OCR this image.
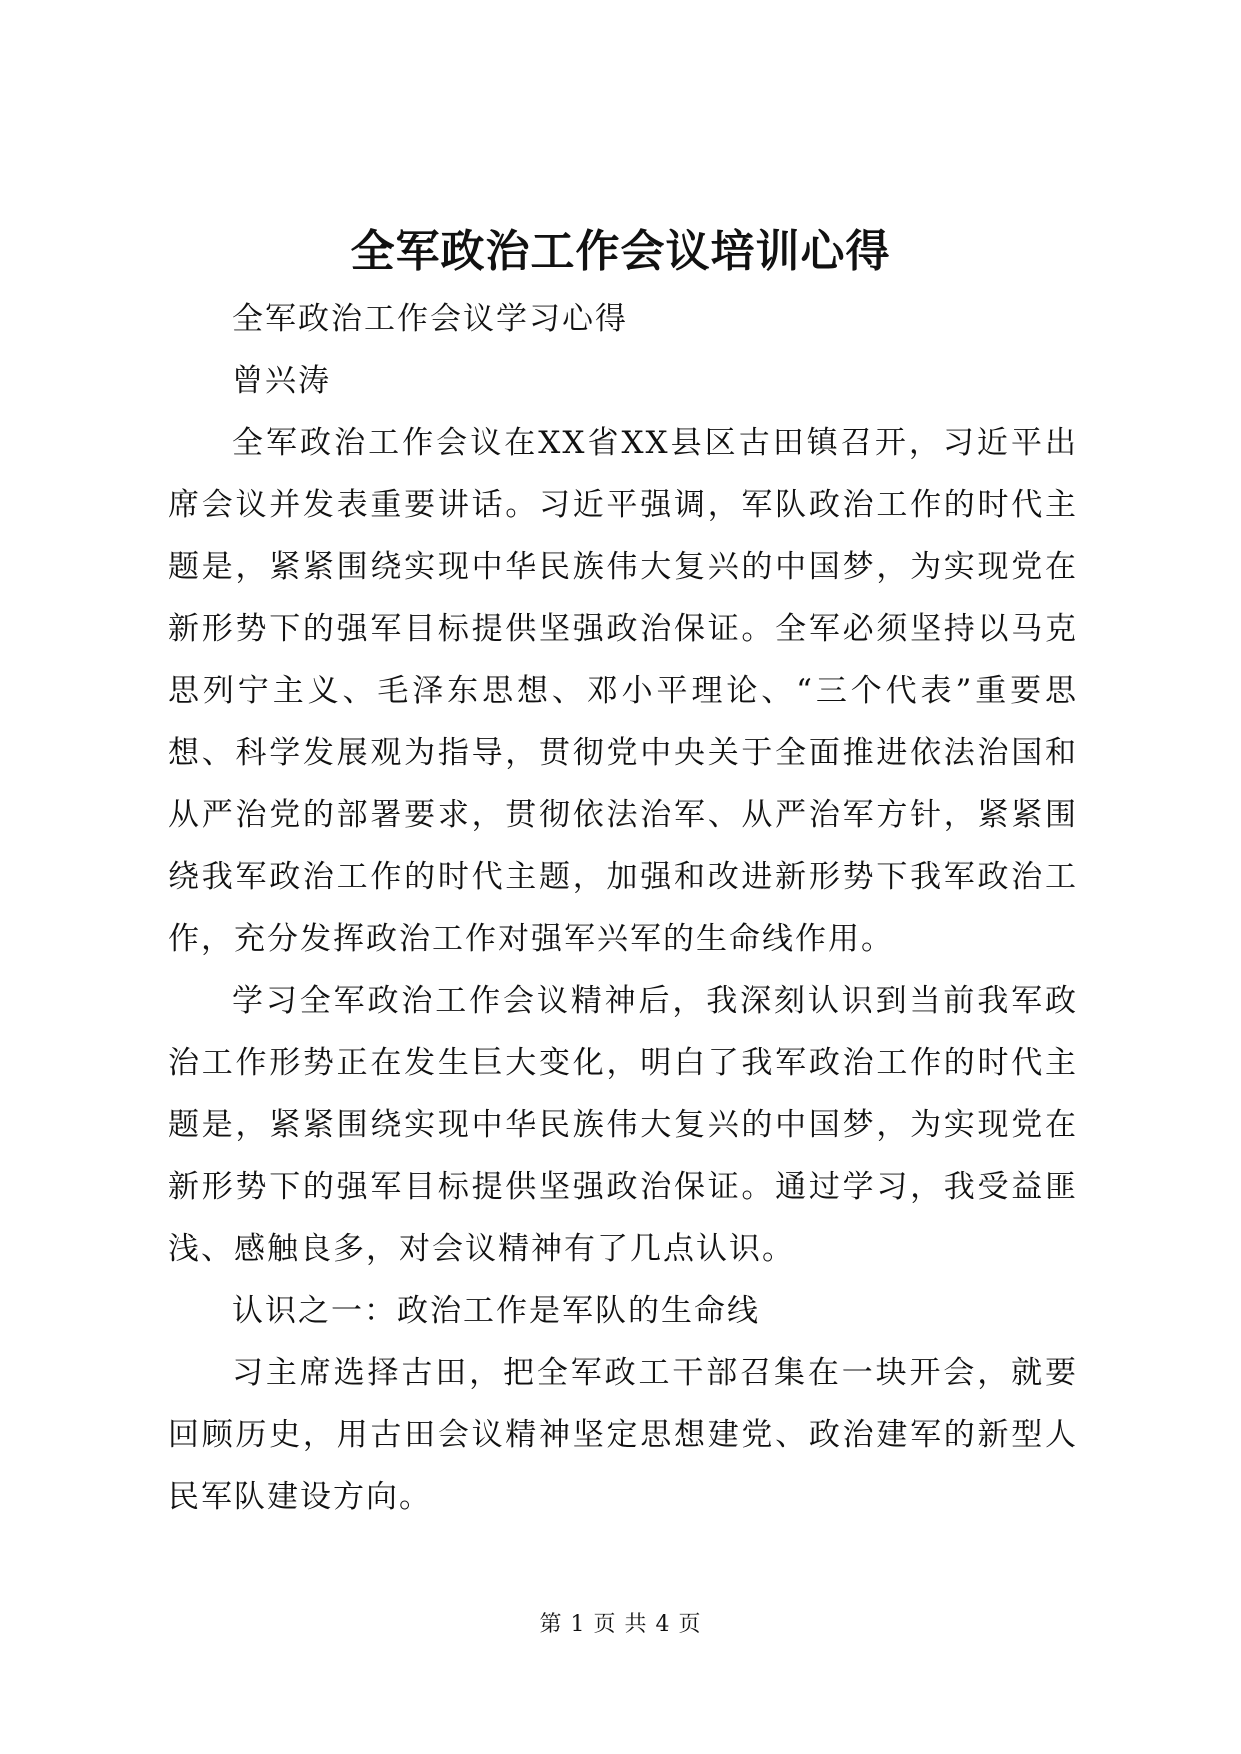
全军政治工作会议培训心得

全军政治工作会议学习心得

曾兴涛

全军政治工作会议在XX省XX县区古田镇召开，习近平出席会议并发表重要讲话。习近平强调，军队政治工作的时代主题是，紧紧围绕实现中华民族伟大复兴的中国梦，为实现党在新形势下的强军目标提供坚强政治保证。全军必须坚持以马克思列宁主义、毛泽东思想、邓小平理论、“三个代表”重要思想、科学发展观为指导，贯彻党中央关于全面推进依法治国和从严治党的部署要求，贯彻依法治军、从严治军方针，紧紧围绕我军政治工作的时代主题，加强和改进新形势下我军政治工作，充分发挥政治工作对强军兴军的生命线作用。

学习全军政治工作会议精神后，我深刻认识到当前我军政治工作形势正在发生巨大变化，明白了我军政治工作的时代主题是，紧紧围绕实现中华民族伟大复兴的中国梦，为实现党在新形势下的强军目标提供坚强政治保证。通过学习，我受益匪浅、感触良多，对会议精神有了几点认识。

认识之一：政治工作是军队的生命线

习主席选择古田，把全军政工干部召集在一块开会，就要回顾历史，用古田会议精神坚定思想建党、政治建军的新型人民军队建设方向。

第 1 页 共 4 页
